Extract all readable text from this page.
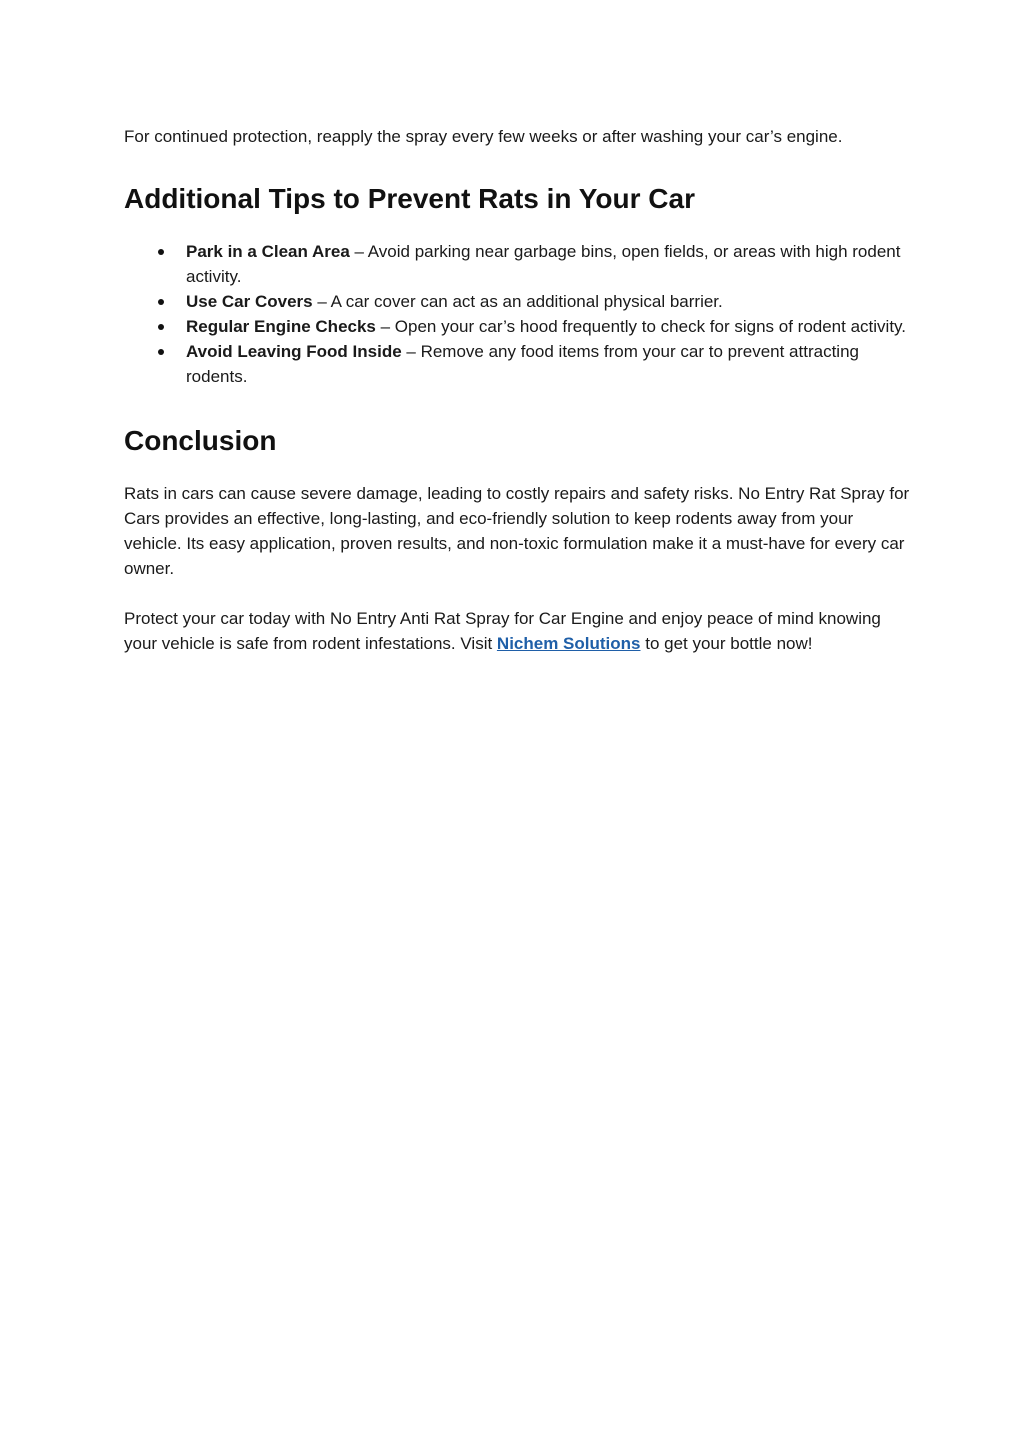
For continued protection, reapply the spray every few weeks or after washing your car’s engine.

Additional Tips to Prevent Rats in Your Car
Park in a Clean Area – Avoid parking near garbage bins, open fields, or areas with high rodent activity.
Use Car Covers – A car cover can act as an additional physical barrier.
Regular Engine Checks – Open your car’s hood frequently to check for signs of rodent activity.
Avoid Leaving Food Inside – Remove any food items from your car to prevent attracting rodents.
Conclusion

Rats in cars can cause severe damage, leading to costly repairs and safety risks. No Entry Rat Spray for Cars provides an effective, long-lasting, and eco-friendly solution to keep rodents away from your vehicle. Its easy application, proven results, and non-toxic formulation make it a must-have for every car owner.

Protect your car today with No Entry Anti Rat Spray for Car Engine and enjoy peace of mind knowing your vehicle is safe from rodent infestations. Visit Nichem Solutions to get your bottle now!
